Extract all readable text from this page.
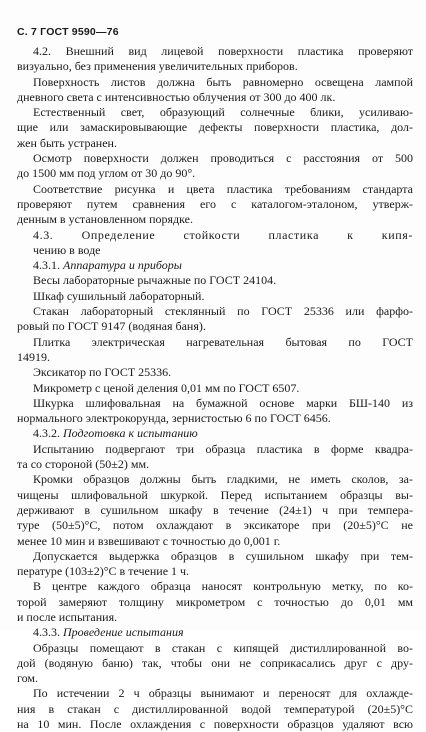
С. 7 ГОСТ 9590—76
4.2. Внешний вид лицевой поверхности пластика проверяют
визуально, без применения увеличительных приборов.
Поверхность листов должна быть равномерно освещена лампой
дневного света с интенсивностью облучения от 300 до 400 лк.
Естественный свет, образующий солнечные блики, усиливаю-
щие или замаскировывающие дефекты поверхности пластика, дол-
жен быть устранен.
Осмотр поверхности должен проводиться с расстояния от 500
до 1500 мм под углом от 30 до 90°.
Соответствие рисунка и цвета пластика требованиям стандарта
проверяют путем сравнения его с каталогом-эталоном, утверж-
денным в установленном порядке.
4.3. Определение стойкости пластика к кипя-
чению в воде
4.3.1. Аппаратура и приборы
Весы лабораторные рычажные по ГОСТ 24104.
Шкаф сушильный лабораторный.
Стакан лабораторный стеклянный по ГОСТ 25336 или фарфо-
ровый по ГОСТ 9147 (водяная баня).
Плитка электрическая нагревательная бытовая по ГОСТ
14919.
Эксикатор по ГОСТ 25336.
Микрометр с ценой деления 0,01 мм по ГОСТ 6507.
Шкурка шлифовальная на бумажной основе марки БШ-140 из
нормального электрокорунда, зернистостью 6 по ГОСТ 6456.
4.3.2. Подготовка к испытанию
Испытанию подвергают три образца пластика в форме квадра-
та со стороной (50±2) мм.
Кромки образцов должны быть гладкими, не иметь сколов, за-
чищены шлифовальной шкуркой. Перед испытанием образцы вы-
держивают в сушильном шкафу в течение (24±1) ч при темпера-
туре (50±5)°С, потом охлаждают в эксикаторе при (20±5)°С не
менее 10 мин и взвешивают с точностью до 0,001 г.
Допускается выдержка образцов в сушильном шкафу при тем-
пературе (103±2)°С в течение 1 ч.
В центре каждого образца наносят контрольную метку, по ко-
торой замеряют толщину микрометром с точностью до 0,01 мм
и после испытания.
4.3.3. Проведение испытания
Образцы помещают в стакан с кипящей дистиллированной во-
дой (водяную баню) так, чтобы они не соприкасались друг с дру-
гом.
По истечении 2 ч образцы вынимают и переносят для охлажде-
ния в стакан с дистиллированной водой температурой (20±5)°С
на 10 мин. После охлаждения с поверхности образцов удаляют всю
